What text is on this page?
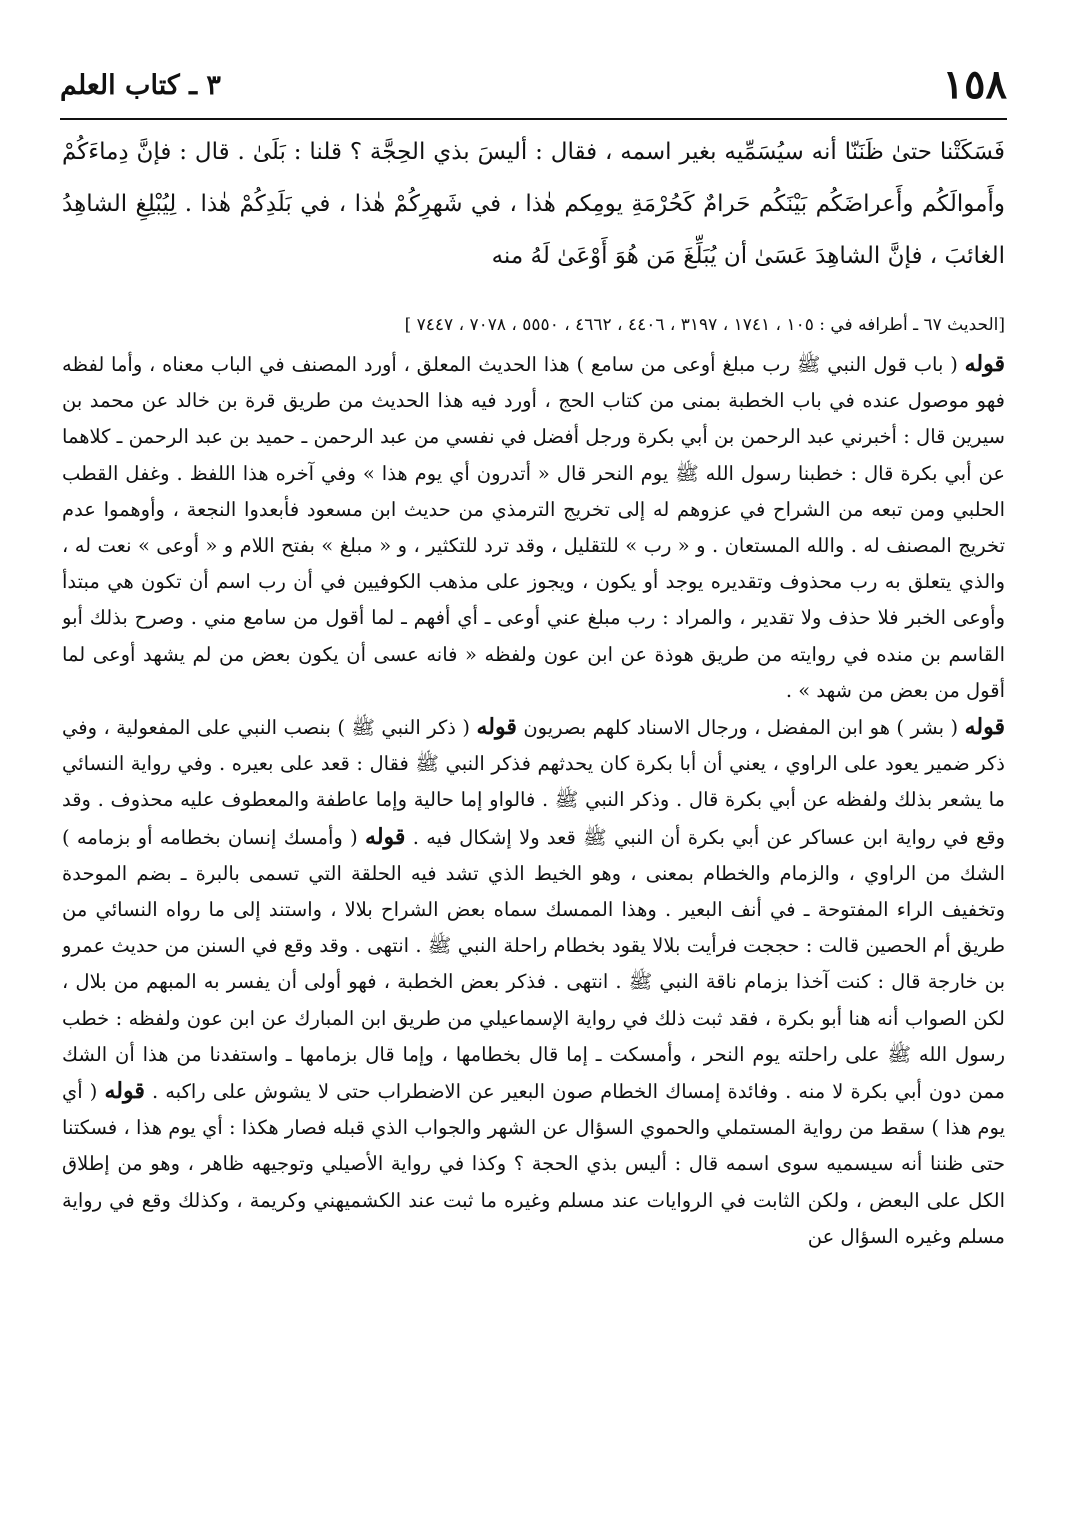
١٥٨
٣ ـ كتاب العلم

فَسَكَتْنا حتىٰ ظَنَنّا أنه سيُسَمِّيه بغير اسمه ، فقال : أليسَ بذي الحِجَّة ؟ قلنا : بَلَىٰ . قال : فإنَّ دِماءَكُمْ وأَموالَكُم وأَعراضَكُم بَيْنَكُم حَرامٌ كَحُرْمَةِ يومِكم هٰذا ، في شَهرِكُمْ هٰذا ، في بَلَدِكُمْ هٰذا . لِيُبْلِغِ الشاهِدُ الغائبَ ، فإنَّ الشاهِدَ عَسَىٰ أن يُبَلِّغَ مَن هُوَ أَوْعَىٰ لَهُ منه

[الحديث ٦٧ ـ أطرافه في : ١٠٥ ، ١٧٤١ ، ٣١٩٧ ، ٤٤٠٦ ، ٤٦٦٢ ، ٥٥٥٠ ، ٧٠٧٨ ، ٧٤٤٧ ]

قوله ( باب قول النبي ﷺ رب مبلغ أوعى من سامع ) هذا الحديث المعلق ، أورد المصنف في الباب معناه ، وأما لفظه فهو موصول عنده في باب الخطبة بمنى من كتاب الحج ، أورد فيه هذا الحديث من طريق قرة بن خالد عن محمد بن سيرين قال : أخبرني عبد الرحمن بن أبي بكرة ورجل أفضل في نفسي من عبد الرحمن ـ حميد بن عبد الرحمن ـ كلاهما عن أبي بكرة قال : خطبنا رسول الله ﷺ يوم النحر قال « أتدرون أي يوم هذا » وفي آخره هذا اللفظ . وغفل القطب الحلبي ومن تبعه من الشراح في عزوهم له إلى تخريج الترمذي من حديث ابن مسعود فأبعدوا النجعة ، وأوهموا عدم تخريج المصنف له . والله المستعان . و « رب » للتقليل ، وقد ترد للتكثير ، و « مبلغ » بفتح اللام و « أوعى » نعت له ، والذي يتعلق به رب محذوف وتقديره يوجد أو يكون ، ويجوز على مذهب الكوفيين في أن رب اسم أن تكون هي مبتدأ وأوعى الخبر فلا حذف ولا تقدير ، والمراد : رب مبلغ عني أوعى ـ أي أفهم ـ لما أقول من سامع مني . وصرح بذلك أبو القاسم بن منده في روايته من طريق هوذة عن ابن عون ولفظه « فانه عسى أن يكون بعض من لم يشهد أوعى لما أقول من بعض من شهد » .

قوله ( بشر ) هو ابن المفضل ، ورجال الاسناد كلهم بصريون قوله ( ذكر النبي ﷺ ) بنصب النبي على المفعولية ، وفي ذكر ضمير يعود على الراوي ، يعني أن أبا بكرة كان يحدثهم فذكر النبي ﷺ فقال : قعد على بعيره . وفي رواية النسائي ما يشعر بذلك ولفظه عن أبي بكرة قال . وذكر النبي ﷺ . فالواو إما حالية وإما عاطفة والمعطوف عليه محذوف . وقد وقع في رواية ابن عساكر عن أبي بكرة أن النبي ﷺ قعد ولا إشكال فيه . قوله ( وأمسك إنسان بخطامه أو بزمامه ) الشك من الراوي ، والزمام والخطام بمعنى ، وهو الخيط الذي تشد فيه الحلقة التي تسمى بالبرة ـ بضم الموحدة وتخفيف الراء المفتوحة ـ في أنف البعير . وهذا الممسك سماه بعض الشراح بلالا ، واستند إلى ما رواه النسائي من طريق أم الحصين قالت : حججت فرأيت بلالا يقود بخطام راحلة النبي ﷺ . انتهى . وقد وقع في السنن من حديث عمرو بن خارجة قال : كنت آخذا بزمام ناقة النبي ﷺ . انتهى . فذكر بعض الخطبة ، فهو أولى أن يفسر به المبهم من بلال ، لكن الصواب أنه هنا أبو بكرة ، فقد ثبت ذلك في رواية الإسماعيلي من طريق ابن المبارك عن ابن عون ولفظه : خطب رسول الله ﷺ على راحلته يوم النحر ، وأمسكت ـ إما قال بخطامها ، وإما قال بزمامها ـ واستفدنا من هذا أن الشك ممن دون أبي بكرة لا منه . وفائدة إمساك الخطام صون البعير عن الاضطراب حتى لا يشوش على راكبه . قوله ( أي يوم هذا ) سقط من رواية المستملي والحموي السؤال عن الشهر والجواب الذي قبله فصار هكذا : أي يوم هذا ، فسكتنا حتى ظننا أنه سيسميه سوى اسمه قال : أليس بذي الحجة ؟ وكذا في رواية الأصيلي وتوجيهه ظاهر ، وهو من إطلاق الكل على البعض ، ولكن الثابت في الروايات عند مسلم وغيره ما ثبت عند الكشميهني وكريمة ، وكذلك وقع في رواية مسلم وغيره السؤال عن
